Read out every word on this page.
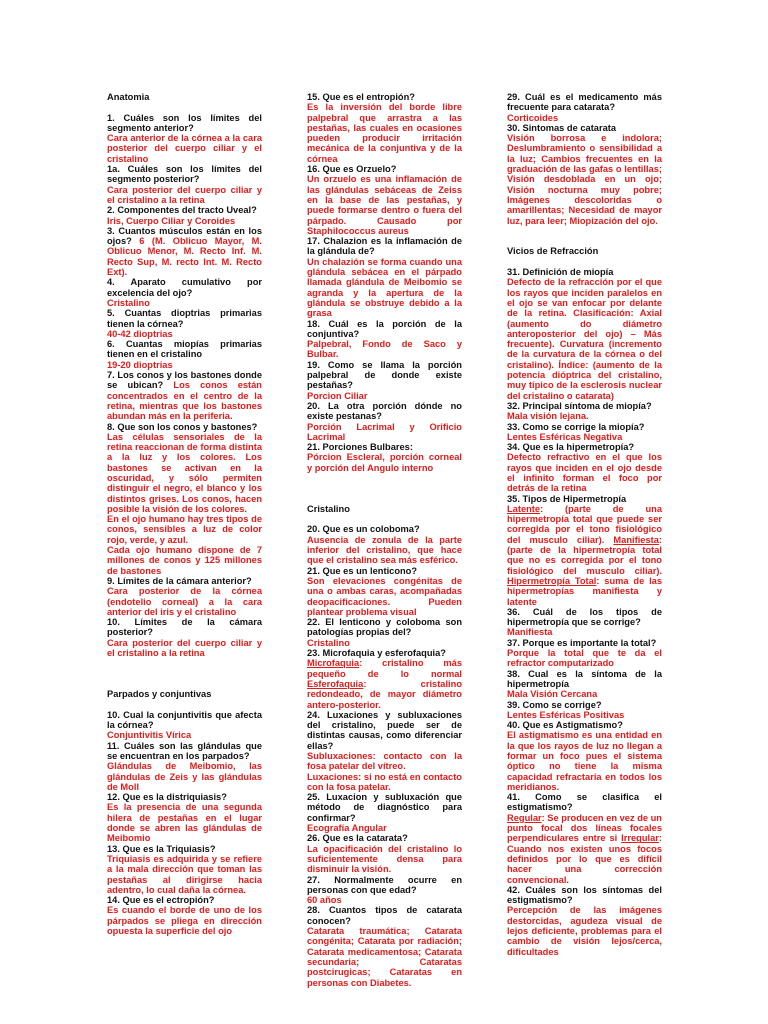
Anatomia
1. Cuáles son los límites del segmento anterior?
Cara anterior de la córnea a la cara posterior del cuerpo ciliar y el cristalino
1a. Cuáles son los límites del segmento posterior?
Cara posterior del cuerpo ciliar y el cristalino a la retina
2. Componentes del tracto Uveal?
Iris, Cuerpo Ciliar y Coroides
3. Cuantos músculos están en los ojos? 6 (M. Oblicuo Mayor, M. Oblicuo Menor, M. Recto Inf. M. Recto Sup, M. recto Int. M. Recto Ext).
4. Aparato cumulativo por excelencia del ojo?
Cristalino
5. Cuantas dioptrias primarias tienen la córnea?
40-42 dioptrias
6. Cuantas miopías primarias tienen en el cristalino
19-20 dioptrias
7. Los conos y los bastones donde se ubican? Los conos están concentrados en el centro de la retina, mientras que los bastones abundan más en la periferia.
8. Que son los conos y bastones?
Las células sensoriales de la retina reaccionan de forma distinta a la luz y los colores. Los bastones se activan en la oscuridad, y sólo permiten distinguir el negro, el blanco y los distintos grises. Los conos, hacen posible la visión de los colores.
En el ojo humano hay tres tipos de conos, sensibles a luz de color rojo, verde, y azul.
Cada ojo humano dispone de 7 millones de conos y 125 millones de bastones
9. Límites de la cámara anterior?
Cara posterior de la córnea (endotelio corneal) a la cara anterior del iris y el cristalino
10. Límites de la cámara posterior?
Cara posterior del cuerpo ciliar y el cristalino a la retina
Parpados y conjuntivas
10. Cual la conjuntivitis que afecta la córnea?
Conjuntivitis Vírica
11. Cuáles son las glándulas que se encuentran en los parpados?
Glándulas de Meibomio, las glándulas de Zeis y las glándulas de Moll
12. Que es la distriquiasis?
Es la presencia de una segunda hilera de pestañas en el lugar donde se abren las glándulas de Meibomio
13. Que es la Triquiasis?
Triquiasis es adquirida y se refiere a la mala dirección que toman las pestañas al dirigirse hacia adentro, lo cual daña la córnea.
14. Que es el ectropión?
Es cuando el borde de uno de los párpados se pliega en dirección opuesta la superficie del ojo
15. Que es el entropión?
Es la inversión del borde libre palpebral que arrastra a las pestañas, las cuales en ocasiones pueden producir irritación mecánica de la conjuntiva y de la córnea
16. Que es Orzuelo?
Un orzuelo es una inflamación de las glándulas sebáceas de Zeiss en la base de las pestañas, y puede formarse dentro o fuera del párpado. Causado por Staphilococcus aureus
17. Chalazion es la inflamación de la glándula de?
Un chalazión se forma cuando una glándula sebácea en el párpado llamada glándula de Meibomio se agranda y la apertura de la glándula se obstruye debido a la grasa
18. Cuál es la porción de la conjuntiva?
Palpebral, Fondo de Saco y Bulbar.
19. Como se llama la porción palpebral de donde existe pestañas?
Porcion Ciliar
20. La otra porción dónde no existe pestanas?
Porción Lacrimal y Orificio Lacrimal
21. Porciones Bulbares:
Pórcion Escleral, porción corneal y porción del Angulo interno
Cristalino
20. Que es un coloboma?
Ausencia de zonula de la parte inferior del cristalino, que hace que el cristalino sea más esférico.
21. Que es un lenticono?
Son elevaciones congénitas de una o ambas caras, acompañadas deopacificaciones. Pueden plantear problema visual
22. El lenticono y coloboma son patologías propias del?
Cristalino
23. Microfaquia y esferofaquia?
Microfaquia: cristalino más pequeño de lo normal Esferofaquia: cristalino redondeado, de mayor diámetro antero-posterior.
24. Luxaciones y subluxaciones del cristalino, puede ser de distintas causas, como diferenciar ellas?
Subluxaciones: contacto con la fosa patelar del vítreo.
Luxaciones: si no está en contacto con la fosa patelar.
25. Luxacion y subluxación que método de diagnóstico para confirmar?
Ecografía Angular
26. Que es la catarata?
La opacificación del cristalino lo suficientemente densa para disminuir la visión.
27. Normalmente ocurre en personas con que edad?
60 años
28. Cuantos tipos de catarata conocen?
Catarata traumática; Catarata congénita; Catarata por radiación; Catarata medicamentosa; Catarata secundaria; Cataratas postcirugicas; Cataratas en personas con Diabetes.
29. Cuál es el medicamento más frecuente para catarata?
Corticoides
30. Sintomas de catarata
Visión borrosa e indolora; Deslumbramiento o sensibilidad a la luz; Cambios frecuentes en la graduación de las gafas o lentillas; Visión desdoblada en un ojo; Visión nocturna muy pobre; Imágenes descoloridas o amarillentas; Necesidad de mayor luz, para leer; Miopización del ojo.
Vicios de Refracción
31. Definición de miopía
Defecto de la refracción por el que los rayos que inciden paralelos en el ojo se van enfocar por delante de la retina. Clasificación: Axial (aumento do diámetro anteroposterior del ojo) – Más frecuente). Curvatura (incremento de la curvatura de la córnea o del cristalino). Índice: (aumento de la potencia dióptrica del cristalino, muy típico de la esclerosis nuclear del cristalino o catarata)
32. Principal síntoma de miopía?
Mala visión lejana.
33. Como se corrige la miopía?
Lentes Esféricas Negativa
34. Que es la hipermetropía?
Defecto refractivo en el que los rayos que inciden en el ojo desde el infinito forman el foco por detrás de la retina
35. Tipos de Hipermetropía
Latente: (parte de una hipermetropía total que puede ser corregida por el tono fisiológico del musculo ciliar). Manifiesta: (parte de la hipermetropía total que no es corregida por el tono fisiológico del musculo ciliar). Hipermetropía Total: suma de las hipermetropías manifiesta y latente
36. Cuál de los tipos de hipermetropía que se corrige?
Manifiesta
37. Porque es importante la total?
Porque la total que te da el refractor computarizado
38. Cual es la síntoma de la hipermetropía
Mala Visión Cercana
39. Como se corrige?
Lentes Esféricas Positivas
40. Que es Astigmatismo?
El astigmatismo es una entidad en la que los rayos de luz no llegan a formar un foco pues el sistema óptico no tiene la misma capacidad refractaria en todos los meridianos.
41. Como se clasifica el estigmatismo?
Regular: Se producen en vez de un punto focal dos líneas focales perpendiculares entre si Irregular: Cuando nos existen unos focos definidos por lo que es difícil hacer una corrección convencional.
42. Cuáles son los síntomas del estigmatismo?
Percepción de las imágenes destorcidas, agudeza visual de lejos deficiente, problemas para el cambio de visión lejos/cerca, dificultades
